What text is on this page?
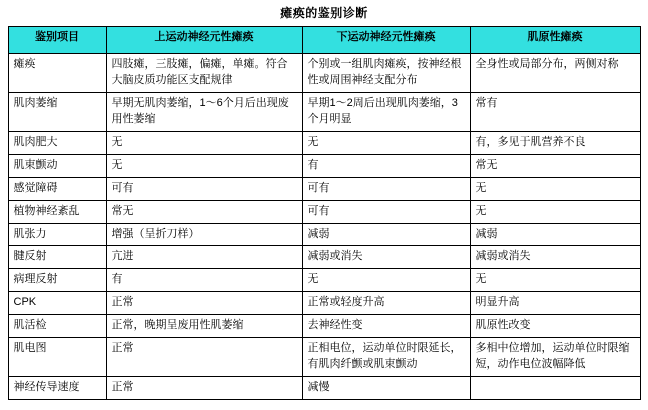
瘫痪的鉴别诊断
鉴别项目	上运动神经元性瘫痪	下运动神经元性瘫痪	肌原性瘫痪
瘫痪	四肢瘫，三肢瘫，偏瘫，单瘫。符合大脑皮质功能区支配规律	个别或一组肌肉瘫痪，按神经根性或周围神经支配分布	全身性或局部分布，两侧对称
肌肉萎缩	早期无肌肉萎缩，1～6个月后出现废用性萎缩	早期1～2周后出现肌肉萎缩，3个月明显	常有
肌肉肥大	无	无	有，多见于肌营养不良
肌束颤动	无	有	常无
感觉障碍	可有	可有	无
植物神经紊乱	常无	可有	无
肌张力	增强（呈折刀样）	减弱	减弱
腱反射	亢进	减弱或消失	减弱或消失
病理反射	有	无	无
CPK	正常	正常或轻度升高	明显升高
肌活检	正常，晚期呈废用性肌萎缩	去神经性变	肌原性改变
肌电图	正常	正相电位，运动单位时限延长，有肌肉纤颤或肌束颤动	多相中位增加，运动单位时限缩短，动作电位波幅降低
神经传导速度	正常	减慢	
